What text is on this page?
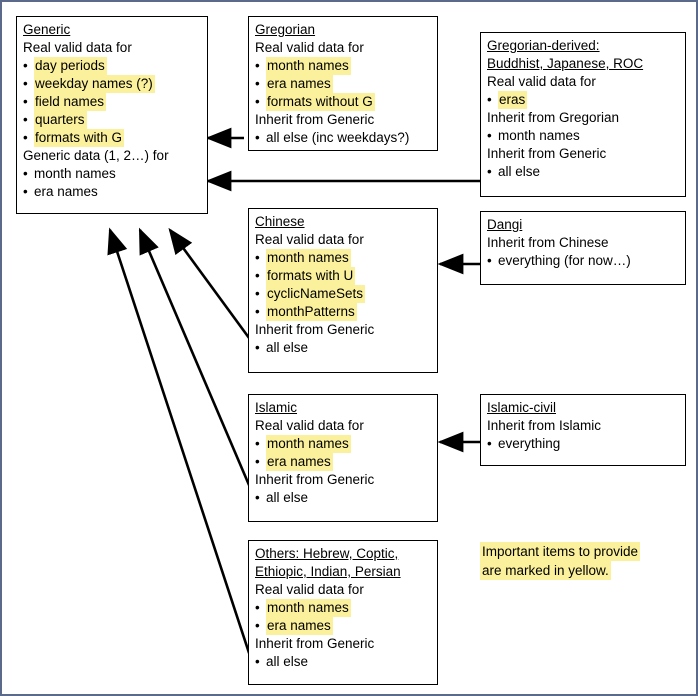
Generic
Real valid data for
• day periods
• weekday names (?)
• field names
• quarters
• formats with G
Generic data (1, 2…) for
• month names
• era names
Gregorian
Real valid data for
• month names
• era names
• formats without G
Inherit from Generic
• all else (inc weekdays?)
Gregorian-derived:
Buddhist, Japanese, ROC
Real valid data for
• eras
Inherit from Gregorian
• month names
Inherit from Generic
• all else
Chinese
Real valid data for
• month names
• formats with U
• cyclicNameSets
• monthPatterns
Inherit from Generic
• all else
Dangi
Inherit from Chinese
• everything (for now…)
Islamic
Real valid data for
• month names
• era names
Inherit from Generic
• all else
Islamic-civil
Inherit from Islamic
• everything
Others: Hebrew, Coptic,
Ethiopic, Indian, Persian
Real valid data for
• month names
• era names
Inherit from Generic
• all else
Important items to provide
are marked in yellow.
